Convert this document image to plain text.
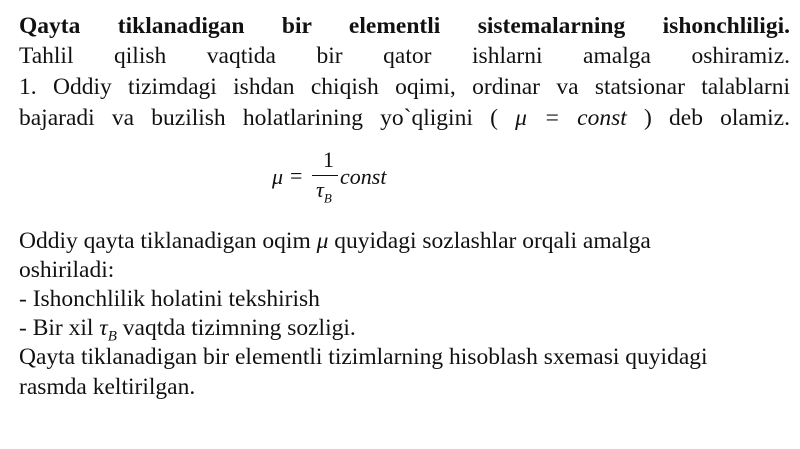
Qayta tiklanadigan bir elementli sistemalarning ishonchliligi.
Tahlil qilish vaqtida bir qator ishlarni amalga oshiramiz.
1. Oddiy tizimdagi ishdan chiqish oqimi, ordinar va statsionar talablarni
bajaradi va buzilish holatlarining yo`qligini ( μ = const ) deb olamiz.
μ =
1
$\tau_B$
const
Oddiy qayta tiklanadigan oqim μ quyidagi sozlashlar orqali amalga
oshiriladi:
- Ishonchlilik holatini tekshirish
- Bir xil $\tau_B$ vaqtda tizimning sozligi.
Qayta tiklanadigan bir elementli tizimlarning hisoblash sxemasi quyidagi
rasmda keltirilgan.
